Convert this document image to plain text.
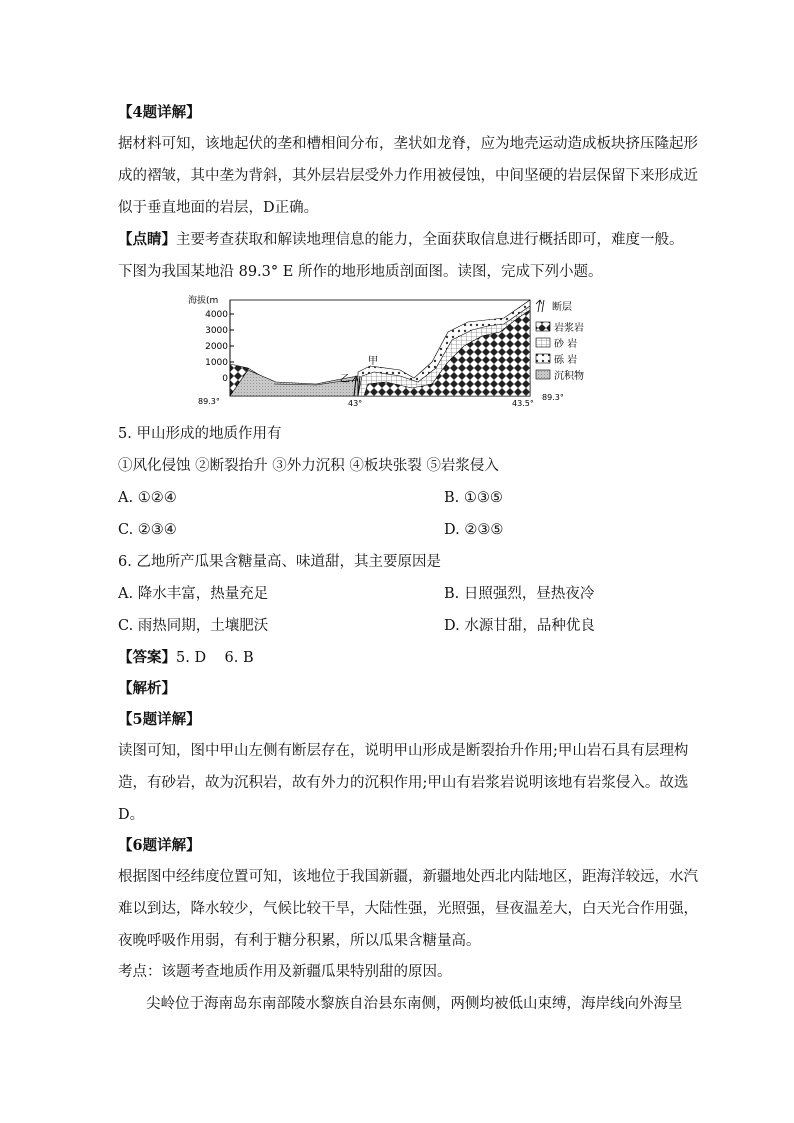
【4题详解】
据材料可知，该地起伏的垄和槽相间分布，垄状如龙脊，应为地壳运动造成板块挤压隆起形
成的褶皱，其中垄为背斜，其外层岩层受外力作用被侵蚀，中间坚硬的岩层保留下来形成近
似于垂直地面的岩层，D正确。
【点睛】主要考查获取和解读地理信息的能力，全面获取信息进行概括即可，难度一般。
下图为我国某地沿 89.3° E 所作的地形地质剖面图。读图，完成下列小题。
海拔(m
4000
3000
2000
1000
0
甲
乙
89.3°	43°	43.5°
89.3°
断层
岩浆岩
砂 岩
砾 岩
沉积物
5. 甲山形成的地质作用有
①风化侵蚀 ②断裂抬升 ③外力沉积 ④板块张裂 ⑤岩浆侵入
A. ①②④	B. ①③⑤
C. ②③④	D. ②③⑤
6. 乙地所产瓜果含糖量高、味道甜，其主要原因是
A. 降水丰富，热量充足	B. 日照强烈，昼热夜冷
C. 雨热同期，土壤肥沃	D. 水源甘甜，品种优良
【答案】5. D    6. B
【解析】
【5题详解】
读图可知，图中甲山左侧有断层存在，说明甲山形成是断裂抬升作用;甲山岩石具有层理构
造，有砂岩，故为沉积岩，故有外力的沉积作用;甲山有岩浆岩说明该地有岩浆侵入。故选
D。
【6题详解】
根据图中经纬度位置可知，该地位于我国新疆，新疆地处西北内陆地区，距海洋较远，水汽
难以到达，降水较少，气候比较干旱，大陆性强，光照强，昼夜温差大，白天光合作用强，
夜晚呼吸作用弱，有利于糖分积累，所以瓜果含糖量高。
考点：该题考查地质作用及新疆瓜果特别甜的原因。
尖岭位于海南岛东南部陵水黎族自治县东南侧，两侧均被低山束缚，海岸线向外海呈
